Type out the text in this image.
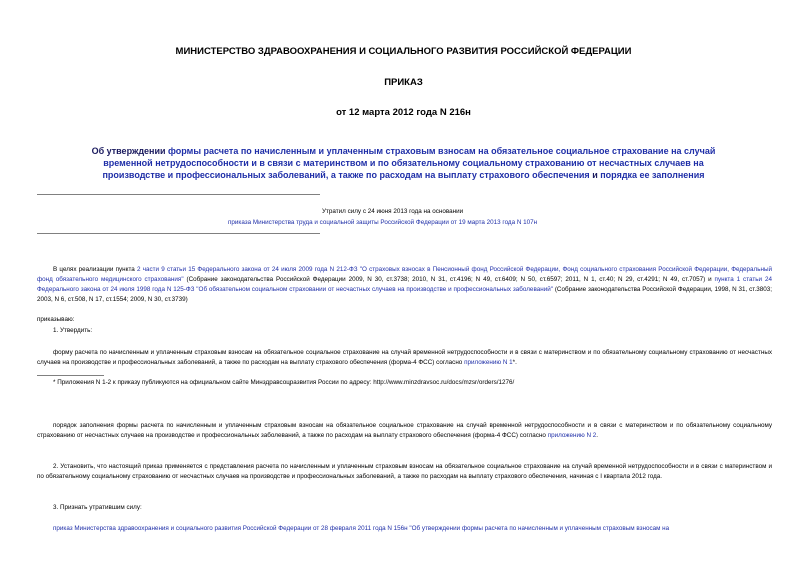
МИНИСТЕРСТВО ЗДРАВООХРАНЕНИЯ И СОЦИАЛЬНОГО РАЗВИТИЯ РОССИЙСКОЙ ФЕДЕРАЦИИ
ПРИКАЗ
от 12 марта 2012 года N 216н
Об утверждении формы расчета по начисленным и уплаченным страховым взносам на обязательное социальное страхование на случай временной нетрудоспособности и в связи с материнством и по обязательному социальному страхованию от несчастных случаев на производстве и профессиональных заболеваний, а также по расходам на выплату страхового обеспечения и порядка ее заполнения
Утратил силу с 24 июня 2013 года на основании
приказа Министерства труда и социальной защиты Российской Федерации от 19 марта 2013 года N 107н
В целях реализации пункта 2 части 9 статьи 15 Федерального закона от 24 июля 2009 года N 212-ФЗ "О страховых взносах в Пенсионный фонд Российской Федерации, Фонд социального страхования Российской Федерации, Федеральный фонд обязательного медицинского страхования" (Собрание законодательства Российской Федерации 2009, N 30, ст.3738; 2010, N 31, ст.4196; N 49, ст.6409; N 50, ст.6597; 2011, N 1, ст.40; N 29, ст.4291; N 49, ст.7057) и пункта 1 статьи 24 Федерального закона от 24 июля 1998 года N 125-ФЗ "Об обязательном социальном страховании от несчастных случаев на производстве и профессиональных заболеваний" (Собрание законодательства Российской Федерации, 1998, N 31, ст.3803; 2003, N 6, ст.508, N 17, ст.1554; 2009, N 30, ст.3739)
приказываю:
1. Утвердить:
форму расчета по начисленным и уплаченным страховым взносам на обязательное социальное страхование на случай временной нетрудоспособности и в связи с материнством и по обязательному социальному страхованию от несчастных случаев на производстве и профессиональных заболеваний, а также по расходам на выплату страхового обеспечения (форма-4 ФСС) согласно приложению N 1*.
* Приложения N 1-2 к приказу публикуются на официальном сайте Минздравсоцразвития России по адресу: http://www.minzdravsoc.ru/docs/mzsr/orders/1276/
порядок заполнения формы расчета по начисленным и уплаченным страховым взносам на обязательное социальное страхование на случай временной нетрудоспособности и в связи с материнством и по обязательному социальному страхованию от несчастных случаев на производстве и профессиональных заболеваний, а также по расходам на выплату страхового обеспечения (форма-4 ФСС) согласно приложению N 2.
2. Установить, что настоящий приказ применяется с представления расчета по начисленным и уплаченным страховым взносам на обязательное социальное страхование на случай временной нетрудоспособности и в связи с материнством и по обязательному социальному страхованию от несчастных случаев на производстве и профессиональных заболеваний, а также по расходам на выплату страхового обеспечения, начиная с I квартала 2012 года.
3. Признать утратившим силу:
приказ Министерства здравоохранения и социального развития Российской Федерации от 28 февраля 2011 года N 156н "Об утверждении формы расчета по начисленным и уплаченным страховым взносам на
